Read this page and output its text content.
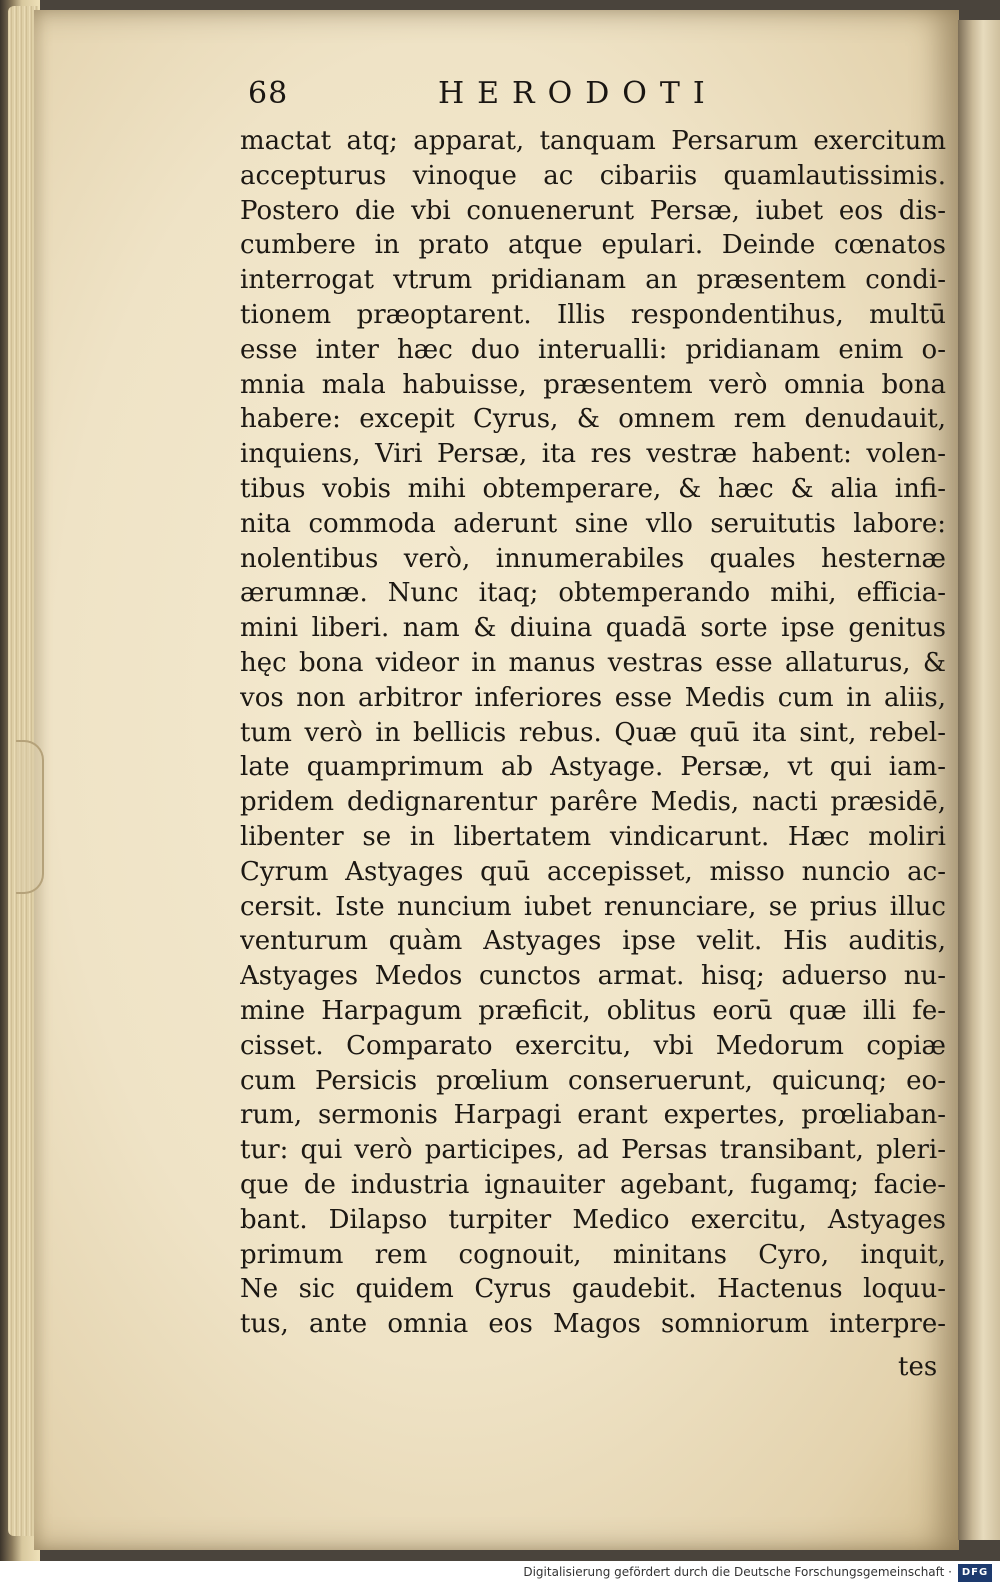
68	HERODOTI
mactat atq; apparat, tanquam Persarum exercitum
accepturus vinoque ac cibariis quamlautissimis.
Postero die vbi conuenerunt Persæ, iubet eos dis-
cumbere in prato atque epulari. Deinde cœnatos
interrogat vtrum pridianam an præsentem condi-
tionem præoptarent. Illis respondentihus, multū
esse inter hæc duo interualli: pridianam enim o-
mnia mala habuisse, præsentem verò omnia bona
habere: excepit Cyrus, & omnem rem denudauit,
inquiens, Viri Persæ, ita res vestræ habent: volen-
tibus vobis mihi obtemperare, & hæc & alia infi-
nita commoda aderunt sine vllo seruitutis labore:
nolentibus verò, innumerabiles quales hesternæ
ærumnæ. Nunc itaq; obtemperando mihi, efficia-
mini liberi. nam & diuina quadā sorte ipse genitus
hęc bona videor in manus vestras esse allaturus, &
vos non arbitror inferiores esse Medis cum in aliis,
tum verò in bellicis rebus. Quæ quū ita sint, rebel-
late quamprimum ab Astyage. Persæ, vt qui iam-
pridem dedignarentur parêre Medis, nacti præsidē,
libenter se in libertatem vindicarunt. Hæc moliri
Cyrum Astyages quū accepisset, misso nuncio ac-
cersit. Iste nuncium iubet renunciare, se prius illuc
venturum quàm Astyages ipse velit. His auditis,
Astyages Medos cunctos armat. hisq; aduerso nu-
mine Harpagum præficit, oblitus eorū quæ illi fe-
cisset. Comparato exercitu, vbi Medorum copiæ
cum Persicis prœlium conseruerunt, quicunq; eo-
rum, sermonis Harpagi erant expertes, prœliaban-
tur: qui verò participes, ad Persas transibant, pleri-
que de industria ignauiter agebant, fugamq; facie-
bant. Dilapso turpiter Medico exercitu, Astyages
primum rem cognouit, minitans Cyro, inquit,
Ne sic quidem Cyrus gaudebit. Hactenus loquu-
tus, ante omnia eos Magos somniorum interpre-
tes
Digitalisierung gefördert durch die Deutsche Forschungsgemeinschaft · DFG
